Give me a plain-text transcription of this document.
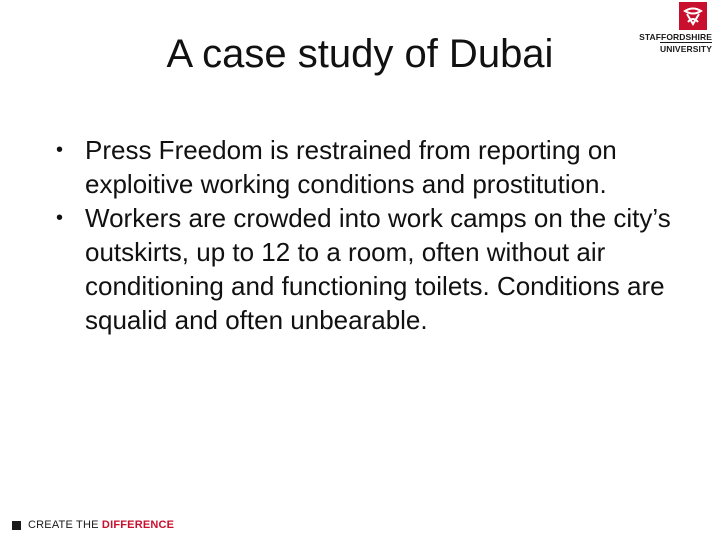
A case study of Dubai	STAFFORDSHIRE
UNIVERSITY
• Press Freedom is restrained from reporting on exploitive working conditions and prostitution.
• Workers are crowded into work camps on the city’s outskirts, up to 12 to a room, often without air conditioning and functioning toilets. Conditions are squalid and often unbearable.
CREATE THE DIFFERENCE
